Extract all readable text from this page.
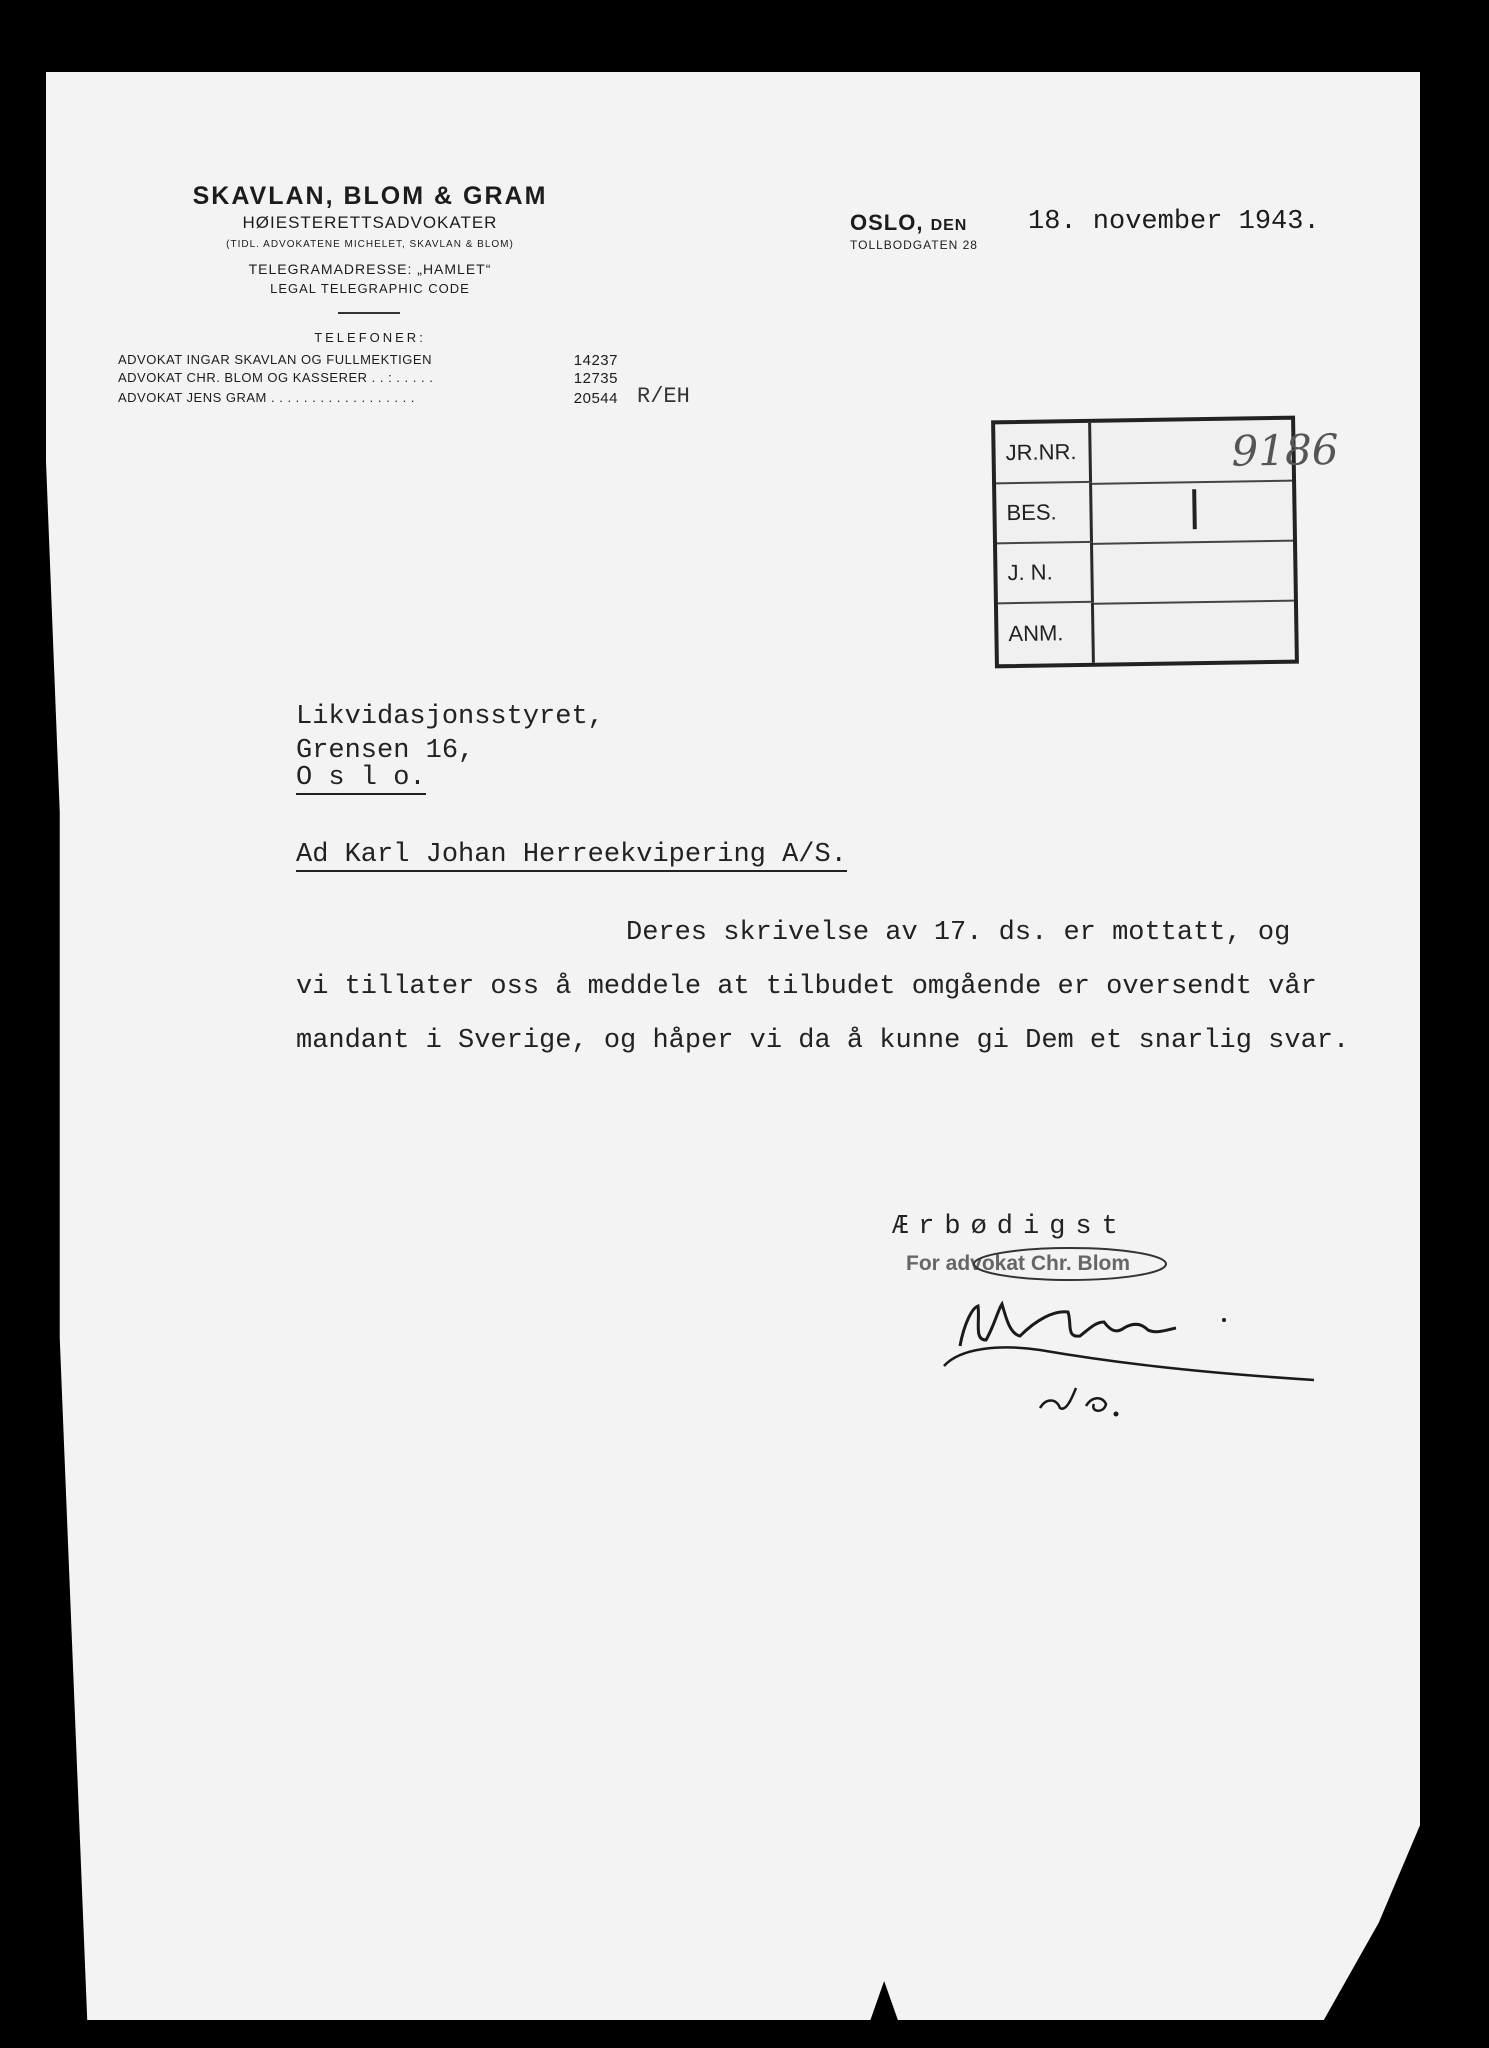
SKAVLAN, BLOM & GRAM
HØIESTERETTSADVOKATER
(TIDL. ADVOKATENE MICHELET, SKAVLAN & BLOM)
TELEGRAMADRESSE: „HAMLET“
LEGAL TELEGRAPHIC CODE
TELEFONER:
ADVOKAT INGAR SKAVLAN OG FULLMEKTIGEN	14237
ADVOKAT CHR. BLOM OG KASSERER . . : . . . . .	12735
ADVOKAT JENS GRAM . . . . . . . . . . . . . . . . . .	20544 R/EH
OSLO, DEN 18. november 1943.
TOLLBODGATEN 28
JR.NR.	9186
BES.
J. N.
ANM.
Likvidasjonsstyret,
Grensen 16,
O s l o.
Ad Karl Johan Herreekvipering A/S.
Deres skrivelse av 17. ds. er mottatt, og
vi tillater oss å meddele at tilbudet omgående er oversendt vår
mandant i Sverige, og håper vi da å kunne gi Dem et snarlig svar.
Ærbødigst
For advokat Chr. Blom
